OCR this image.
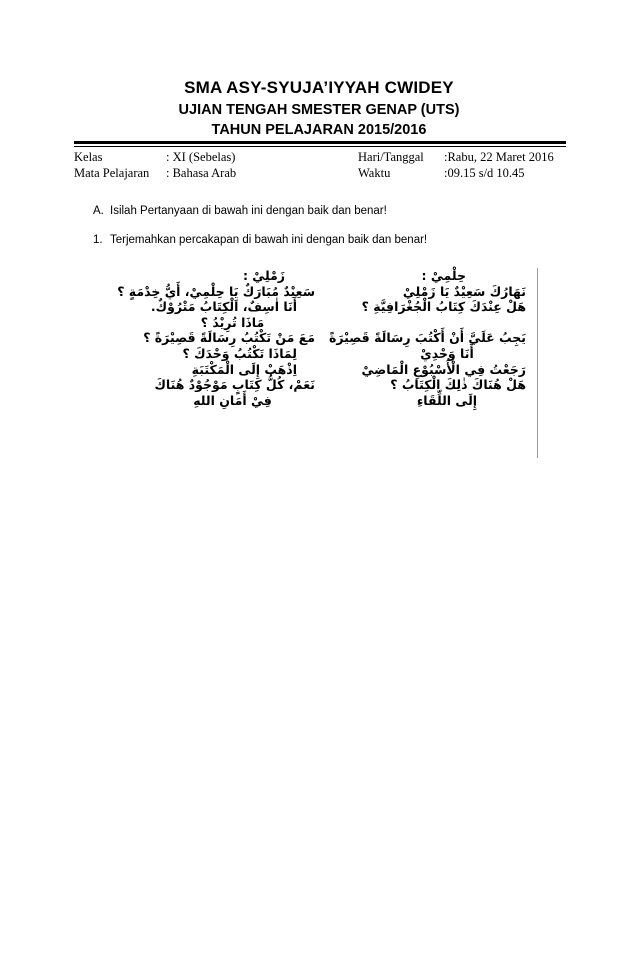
SMA ASY-SYUJA’IYYAH CWIDEY
UJIAN TENGAH SMESTER GENAP (UTS)
TAHUN PELAJARAN 2015/2016
Kelas	: XI (Sebelas)	Hari/Tanggal :Rabu, 22 Maret 2016
Mata Pelajaran : Bahasa Arab	Waktu	:09.15 s/d 10.45
A. Isilah Pertanyaan di bawah ini dengan baik dan benar!
1. Terjemahkan percakapan di bawah ini dengan baik dan benar!
زَمْلِيْ :
سَعِيْدٌ مُبَارَكٌ يَا حِلْمِيْ، أَيُّ خِدْمَةٍ ؟
أَنَا اٰسِفٌ، اَلْكِتَابُ مَتْرُوْكٌ.
مَاذَا تُرِيْدُ ؟
مَعَ مَنْ تَكْتُبُ رِسَالَةً قَصِيْرَةً ؟
لِمَاذَا تَكْتُبُ وَحْدَكَ ؟
اِذْهَبْ إِلَى الْمَكْتَبَةِ
نَعَمْ، كُلُّ كِتَابٍ مَوْجُوْدٌ هُنَاكَ
فِيْ أَمَانِ اللهِ
حِلْمِيْ :
نَهَارُكَ سَعِيْدٌ يَا زَمْلِيْ
هَلْ عِنْدَكَ كِتَابُ الْجُغْرَافِيَّةِ ؟
يَجِبُ عَلَيَّ أَنْ أَكْتُبَ رِسَالَةً قَصِيْرَةً
أَنَا وَحْدِيْ
رَجَعْتُ فِي الْأُسْبُوْعِ الْمَاضِيْ
هَلْ هُنَاكَ ذٰلِكَ الْكِتَابُ ؟
إِلَى اللِّقَاءِ
